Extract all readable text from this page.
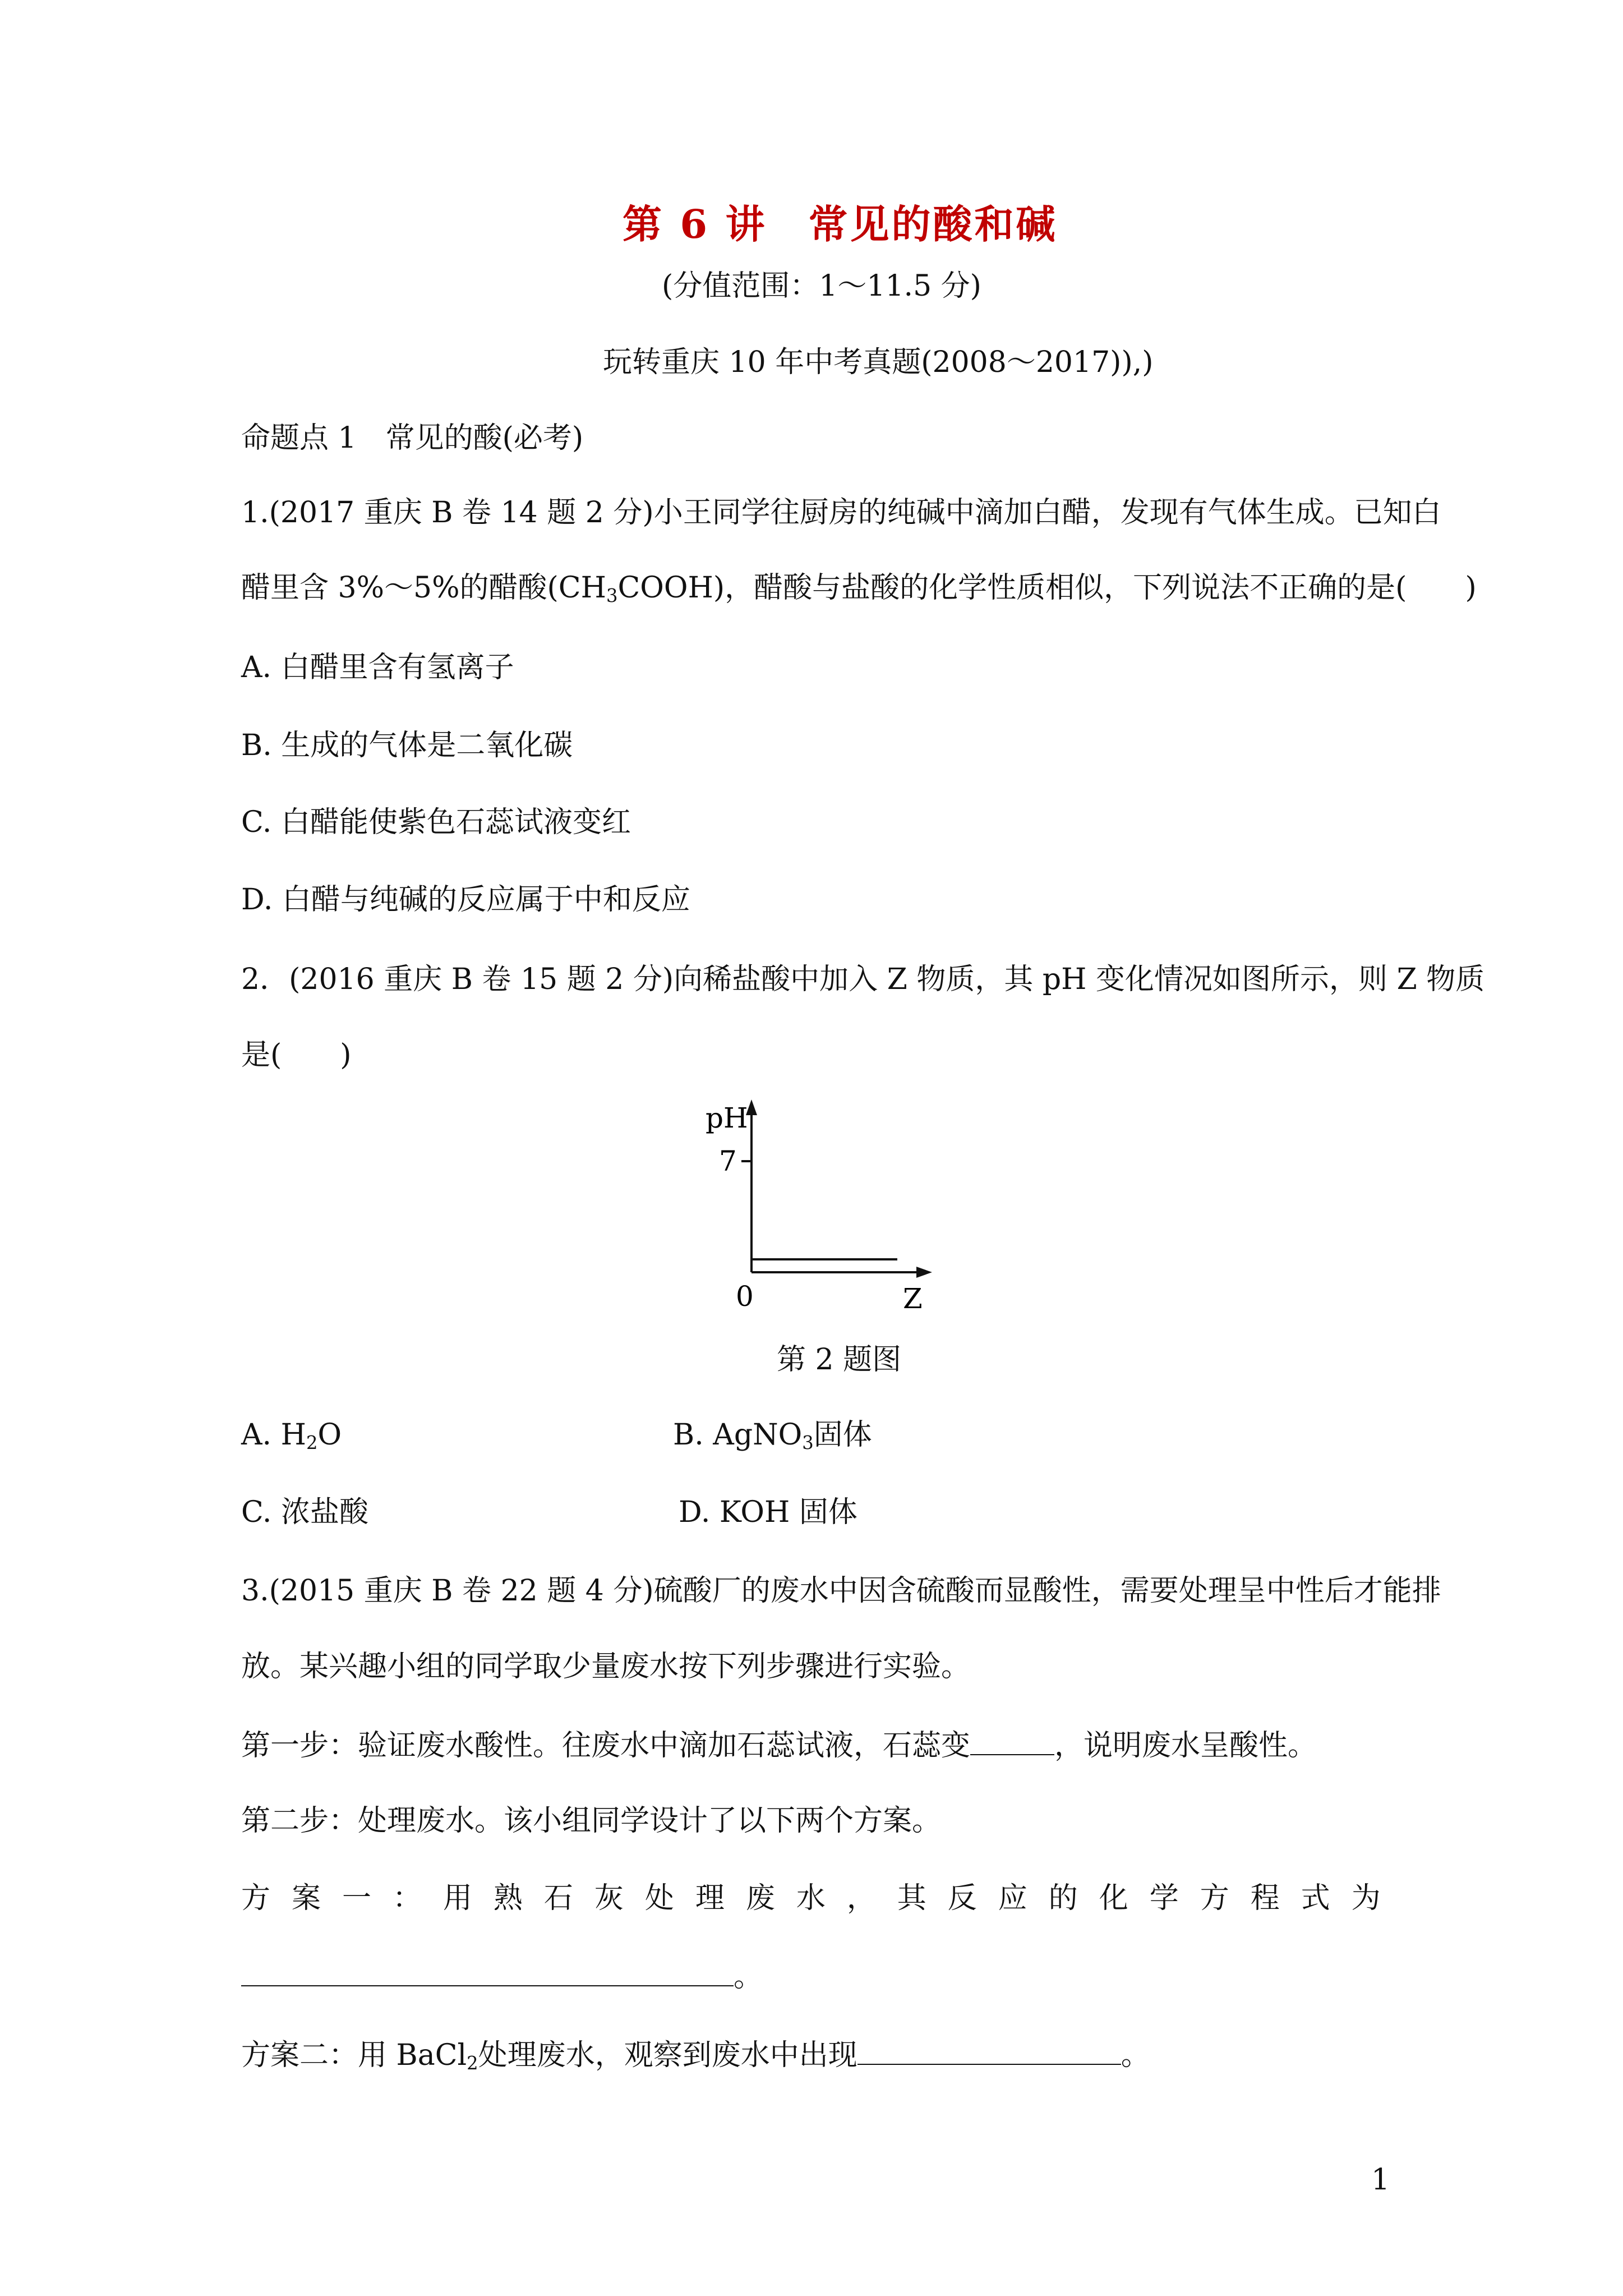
第 6 讲　常见的酸和碱
(分值范围：1～11.5 分)
玩转重庆 10 年中考真题(2008～2017)),)
命题点 1　常见的酸(必考)
1.(2017 重庆 B 卷 14 题 2 分)小王同学往厨房的纯碱中滴加白醋，发现有气体生成。已知白
醋里含 3%～5%的醋酸$(CH_3COOH)$，醋酸与盐酸的化学性质相似，下列说法不正确的是(　　)
A. 白醋里含有氢离子
B. 生成的气体是二氧化碳
C. 白醋能使紫色石蕊试液变红
D. 白醋与纯碱的反应属于中和反应
2．(2016 重庆 B 卷 15 题 2 分)向稀盐酸中加入 Z 物质，其 pH 变化情况如图所示，则 Z 物质
是(　　)
pH
7
0	Z
第 2 题图
A. $H_2O$	B. AgNO$_3$固体
C. 浓盐酸	D. KOH 固体
3.(2015 重庆 B 卷 22 题 4 分)硫酸厂的废水中因含硫酸而显酸性，需要处理呈中性后才能排
放。某兴趣小组的同学取少量废水按下列步骤进行实验。
第一步：验证废水酸性。往废水中滴加石蕊试液，石蕊变	，说明废水呈酸性。
第二步：处理废水。该小组同学设计了以下两个方案。
方 案 一 ： 用 熟 石 灰 处 理 废 水 ， 其 反 应 的 化 学 方 程 式 为
。
方案二：用 BaCl$_2$处理废水，观察到废水中出现	。
1
